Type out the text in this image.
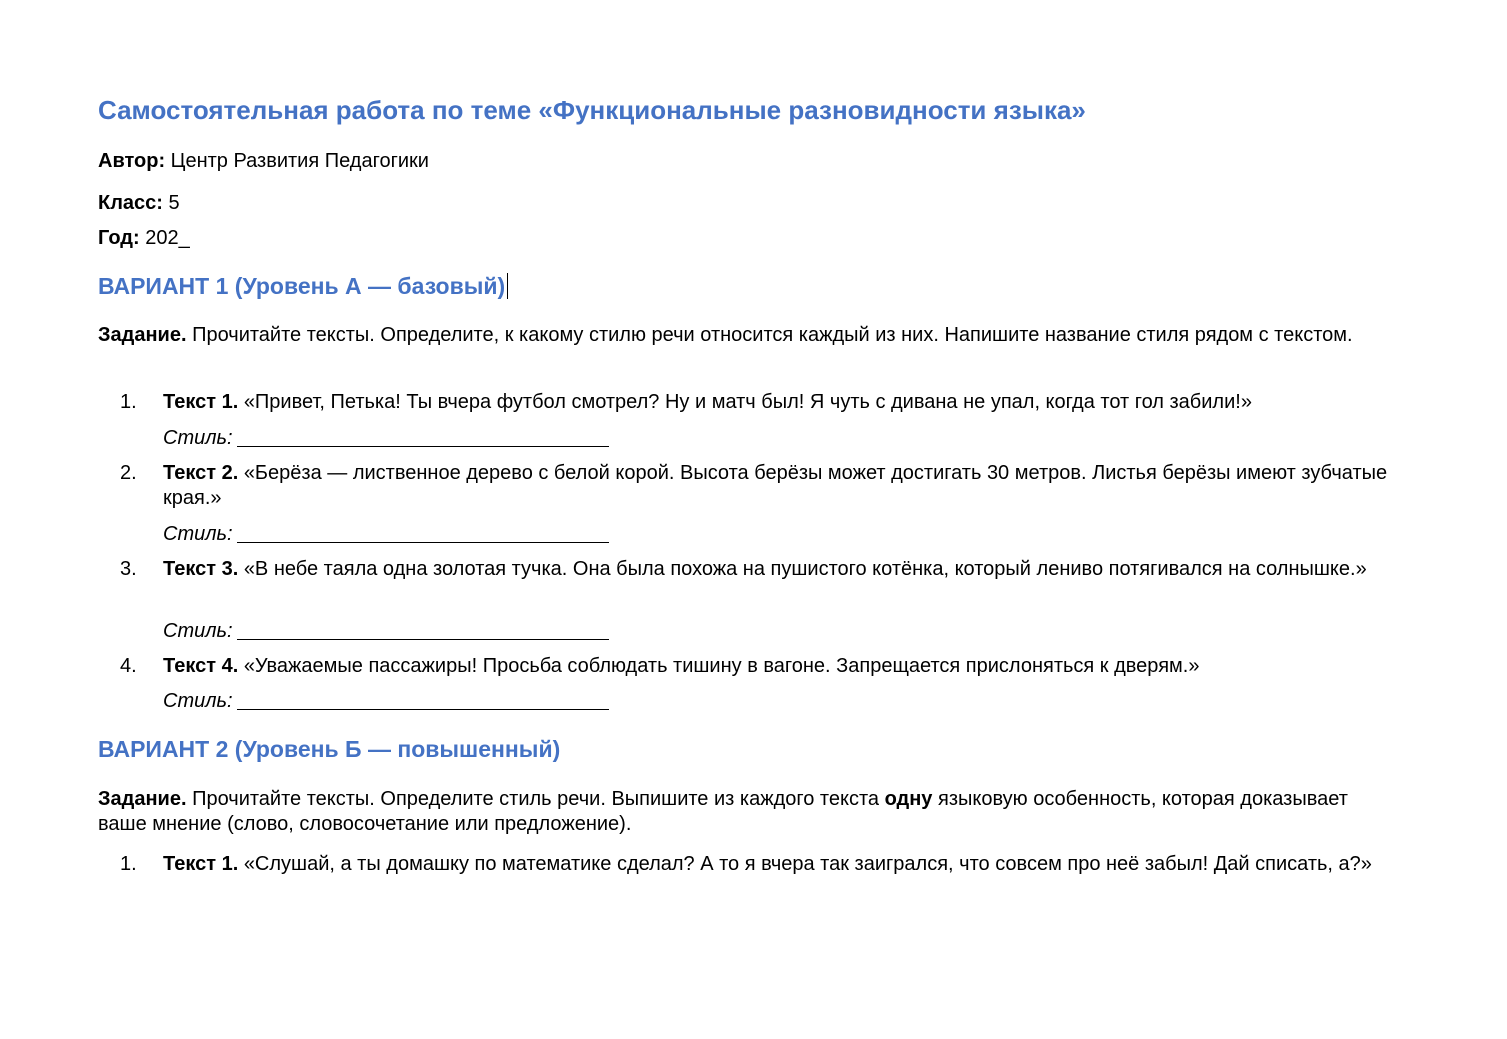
Самостоятельная работа по теме «Функциональные разновидности языка»

Автор: Центр Развития Педагогики

Класс: 5

Год: 202_

ВАРИАНТ 1 (Уровень А — базовый)

Задание. Прочитайте тексты. Определите, к какому стилю речи относится каждый из них. Напишите название стиля рядом с текстом.

1. Текст 1. «Привет, Петька! Ты вчера футбол смотрел? Ну и матч был! Я чуть с дивана не упал, когда тот гол забили!»
Стиль:
2. Текст 2. «Берёза — лиственное дерево с белой корой. Высота берёзы может достигать 30 метров. Листья берёзы имеют зубчатые края.»
Стиль:
3. Текст 3. «В небе таяла одна золотая тучка. Она была похожа на пушистого котёнка, который лениво потягивался на солнышке.»
Стиль:
4. Текст 4. «Уважаемые пассажиры! Просьба соблюдать тишину в вагоне. Запрещается прислоняться к дверям.»
Стиль:
ВАРИАНТ 2 (Уровень Б — повышенный)

Задание. Прочитайте тексты. Определите стиль речи. Выпишите из каждого текста одну языковую особенность, которая доказывает ваше мнение (слово, словосочетание или предложение).

1. Текст 1. «Слушай, а ты домашку по математике сделал? А то я вчера так заигрался, что совсем про неё забыл! Дай списать, а?»
